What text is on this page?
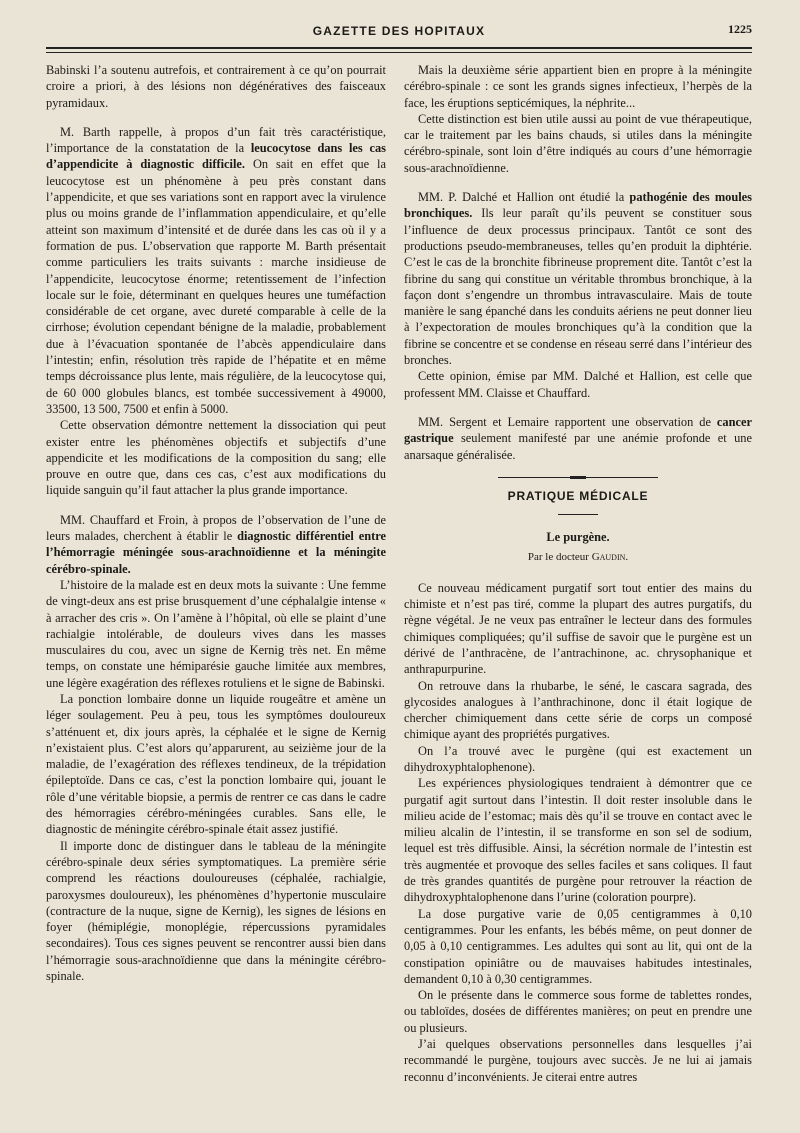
GAZETTE DES HOPITAUX	1225

Babinski l’a soutenu autrefois, et contrairement à ce qu’on pourrait croire a priori, à des lésions non dégénératives des faisceaux pyramidaux.

M. Barth rappelle, à propos d’un fait très caractéristique, l’importance de la constatation de la leucocytose dans les cas d’appendicite à diagnostic difficile. On sait en effet que la leucocytose est un phénomène à peu près constant dans l’appendicite, et que ses variations sont en rapport avec la virulence plus ou moins grande de l’inflammation appendiculaire, et qu’elle atteint son maximum d’intensité et de durée dans les cas où il y a formation de pus. L’observation que rapporte M. Barth présentait comme particuliers les traits suivants : marche insidieuse de l’appendicite, leucocytose énorme; retentissement de l’infection locale sur le foie, déterminant en quelques heures une tuméfaction considérable de cet organe, avec dureté comparable à celle de la cirrhose; évolution cependant bénigne de la maladie, probablement due à l’évacuation spontanée de l’abcès appendiculaire dans l’intestin; enfin, résolution très rapide de l’hépatite et en même temps décroissance plus lente, mais régulière, de la leucocytose qui, de 60 000 globules blancs, est tombée successivement à 49000, 33500, 13 500, 7500 et enfin à 5000.

Cette observation démontre nettement la dissociation qui peut exister entre les phénomènes objectifs et subjectifs d’une appendicite et les modifications de la composition du sang; elle prouve en outre que, dans ces cas, c’est aux modifications du liquide sanguin qu’il faut attacher la plus grande importance.

MM. Chauffard et Froin, à propos de l’observation de l’une de leurs malades, cherchent à établir le diagnostic différentiel entre l’hémorragie méningée sous-arachnoïdienne et la méningite cérébro-spinale.

L’histoire de la malade est en deux mots la suivante : Une femme de vingt-deux ans est prise brusquement d’une céphalalgie intense « à arracher des cris ». On l’amène à l’hôpital, où elle se plaint d’une rachialgie intolérable, de douleurs vives dans les masses musculaires du cou, avec un signe de Kernig très net. En même temps, on constate une hémiparésie gauche limitée aux membres, une légère exagération des réflexes rotuliens et le signe de Babinski.

La ponction lombaire donne un liquide rougeâtre et amène un léger soulagement. Peu à peu, tous les symptômes douloureux s’atténuent et, dix jours après, la céphalée et le signe de Kernig n’existaient plus. C’est alors qu’apparurent, au seizième jour de la maladie, de l’exagération des réflexes tendineux, de la trépidation épileptoïde. Dans ce cas, c’est la ponction lombaire qui, jouant le rôle d’une véritable biopsie, a permis de rentrer ce cas dans le cadre des hémorragies cérébro-méningées curables. Sans elle, le diagnostic de méningite cérébro-spinale était assez justifié.

Il importe donc de distinguer dans le tableau de la méningite cérébro-spinale deux séries symptomatiques. La première série comprend les réactions douloureuses (céphalée, rachialgie, paroxysmes douloureux), les phénomènes d’hypertonie musculaire (contracture de la nuque, signe de Kernig), les signes de lésions en foyer (hémiplégie, monoplégie, répercussions pyramidales secondaires). Tous ces signes peuvent se rencontrer aussi bien dans l’hémorragie sous-arachnoïdienne que dans la méningite cérébro-spinale.

Mais la deuxième série appartient bien en propre à la méningite cérébro-spinale : ce sont les grands signes infectieux, l’herpès de la face, les éruptions septicémiques, la néphrite...

Cette distinction est bien utile aussi au point de vue thérapeutique, car le traitement par les bains chauds, si utiles dans la méningite cérébro-spinale, sont loin d’être indiqués au cours d’une hémorragie sous-arachnoïdienne.

MM. P. Dalché et Hallion ont étudié la pathogénie des moules bronchiques. Ils leur paraît qu’ils peuvent se constituer sous l’influence de deux processus principaux. Tantôt ce sont des productions pseudo-membraneuses, telles qu’en produit la diphtérie. C’est le cas de la bronchite fibrineuse proprement dite. Tantôt c’est la fibrine du sang qui constitue un véritable thrombus bronchique, à la façon dont s’engendre un thrombus intravasculaire. Mais de toute manière le sang épanché dans les conduits aériens ne peut donner lieu à l’expectoration de moules bronchiques qu’à la condition que la fibrine se concentre et se condense en réseau serré dans l’intérieur des bronches.

Cette opinion, émise par MM. Dalché et Hallion, est celle que professent MM. Claisse et Chauffard.

MM. Sergent et Lemaire rapportent une observation de cancer gastrique seulement manifesté par une anémie profonde et une anarsaque généralisée.

PRATIQUE MÉDICALE
Le purgène.
Par le docteur Gaudin.

Ce nouveau médicament purgatif sort tout entier des mains du chimiste et n’est pas tiré, comme la plupart des autres purgatifs, du règne végétal. Je ne veux pas entraîner le lecteur dans des formules chimiques compliquées; qu’il suffise de savoir que le purgène est un dérivé de l’anthracène, de l’antrachinone, ac. chrysophanique et anthrapurpurine.

On retrouve dans la rhubarbe, le séné, le cascara sagrada, des glycosides analogues à l’anthrachinone, donc il était logique de chercher chimiquement dans cette série de corps un composé chimique ayant des propriétés purgatives.

On l’a trouvé avec le purgène (qui est exactement un dihydroxyphtalophenone).

Les expériences physiologiques tendraient à démontrer que ce purgatif agit surtout dans l’intestin. Il doit rester insoluble dans le milieu acide de l’estomac; mais dès qu’il se trouve en contact avec le milieu alcalin de l’intestin, il se transforme en son sel de sodium, lequel est très diffusible. Ainsi, la sécrétion normale de l’intestin est très augmentée et provoque des selles faciles et sans coliques. Il faut de très grandes quantités de purgène pour retrouver la réaction de dihydroxyphtalophenone dans l’urine (coloration pourpre).

La dose purgative varie de 0,05 centigrammes à 0,10 centigrammes. Pour les enfants, les bébés même, on peut donner de 0,05 à 0,10 centigrammes. Les adultes qui sont au lit, qui ont de la constipation opiniâtre ou de mauvaises habitudes intestinales, demandent 0,10 à 0,30 centigrammes.

On le présente dans le commerce sous forme de tablettes rondes, ou tabloïdes, dosées de différentes manières; on peut en prendre une ou plusieurs.

J’ai quelques observations personnelles dans lesquelles j’ai recommandé le purgène, toujours avec succès. Je ne lui ai jamais reconnu d’inconvénients. Je citerai entre autres
